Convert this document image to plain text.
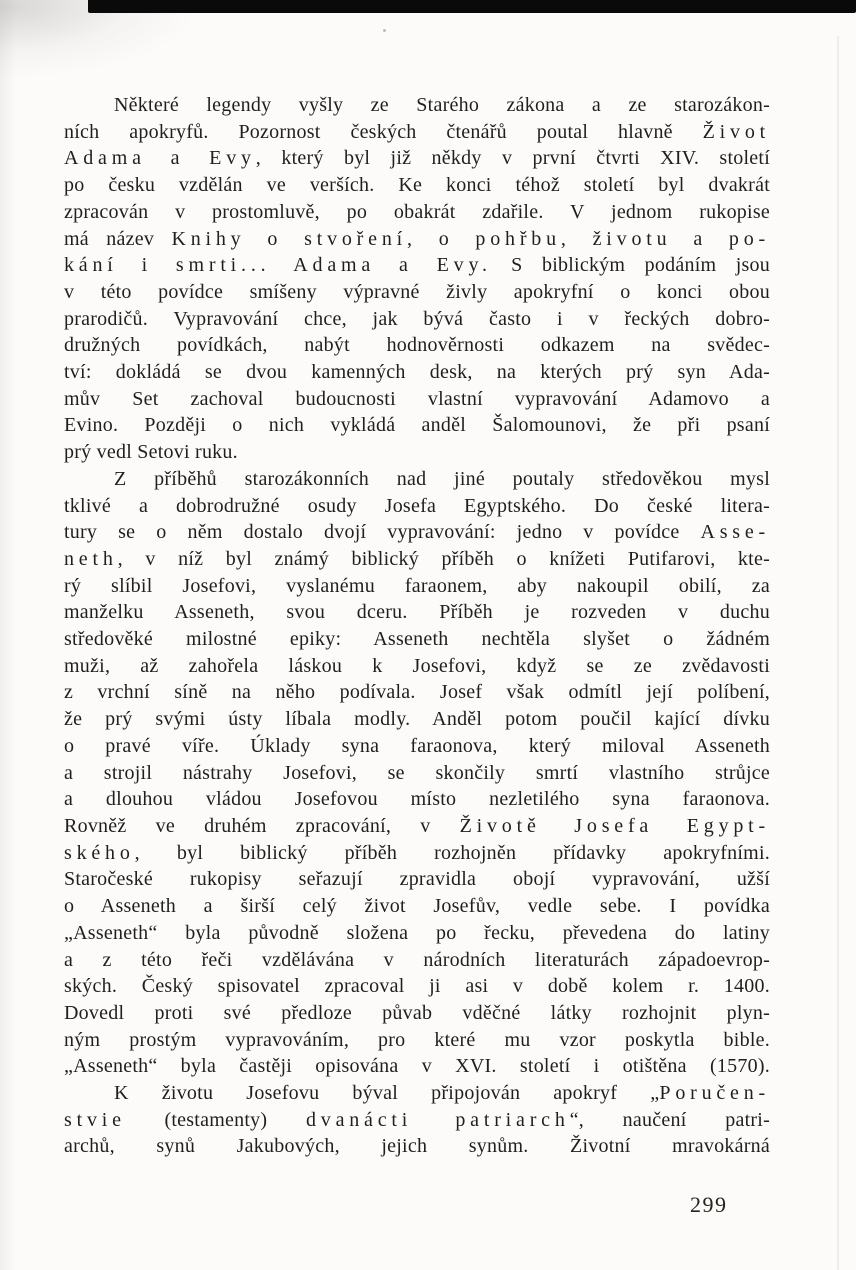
Některé legendy vyšly ze Starého zákona a ze starozákon-
ních apokryfů. Pozornost českých čtenářů poutal hlavně Život
Adama a Evy, který byl již někdy v první čtvrti XIV. století
po česku vzdělán ve verších. Ke konci téhož století byl dvakrát
zpracován v prostomluvě, po obakrát zdařile. V jednom rukopise
má název Knihy o stvoření, o pohřbu, životu a po-
kání i smrti... Adama a Evy. S biblickým podáním jsou
v této povídce smíšeny výpravné živly apokryfní o konci obou
prarodičů. Vypravování chce, jak bývá často i v řeckých dobro-
družných povídkách, nabýt hodnověrnosti odkazem na svědec-
tví: dokládá se dvou kamenných desk, na kterých prý syn Ada-
mův Set zachoval budoucnosti vlastní vypravování Adamovo a
Evino. Později o nich vykládá anděl Šalomounovi, že při psaní
prý vedl Setovi ruku.
Z příběhů starozákonních nad jiné poutaly středověkou mysl
tklivé a dobrodružné osudy Josefa Egyptského. Do české litera-
tury se o něm dostalo dvojí vypravování: jedno v povídce Asse-
neth, v níž byl známý biblický příběh o knížeti Putifarovi, kte-
rý slíbil Josefovi, vyslanému faraonem, aby nakoupil obilí, za
manželku Asseneth, svou dceru. Příběh je rozveden v duchu
středověké milostné epiky: Asseneth nechtěla slyšet o žádném
muži, až zahořela láskou k Josefovi, když se ze zvědavosti
z vrchní síně na něho podívala. Josef však odmítl její políbení,
že prý svými ústy líbala modly. Anděl potom poučil kající dívku
o pravé víře. Úklady syna faraonova, který miloval Asseneth
a strojil nástrahy Josefovi, se skončily smrtí vlastního strůjce
a dlouhou vládou Josefovou místo nezletilého syna faraonova.
Rovněž ve druhém zpracování, v Životě Josefa Egypt-
ského, byl biblický příběh rozhojněn přídavky apokryfními.
Staročeské rukopisy seřazují zpravidla obojí vypravování, užší
o Asseneth a širší celý život Josefův, vedle sebe. I povídka
„Asseneth“ byla původně složena po řecku, převedena do latiny
a z této řeči vzdělávána v národních literaturách západoevrop-
ských. Český spisovatel zpracoval ji asi v době kolem r. 1400.
Dovedl proti své předloze půvab vděčné látky rozhojnit plyn-
ným prostým vypravováním, pro které mu vzor poskytla bible.
„Asseneth“ byla častěji opisována v XVI. století i otištěna (1570).
K životu Josefovu býval připojován apokryf „Poručen-
stvie (testamenty) dvanácti patriarch“, naučení patri-
archů, synů Jakubových, jejich synům. Životní mravokárná
299
